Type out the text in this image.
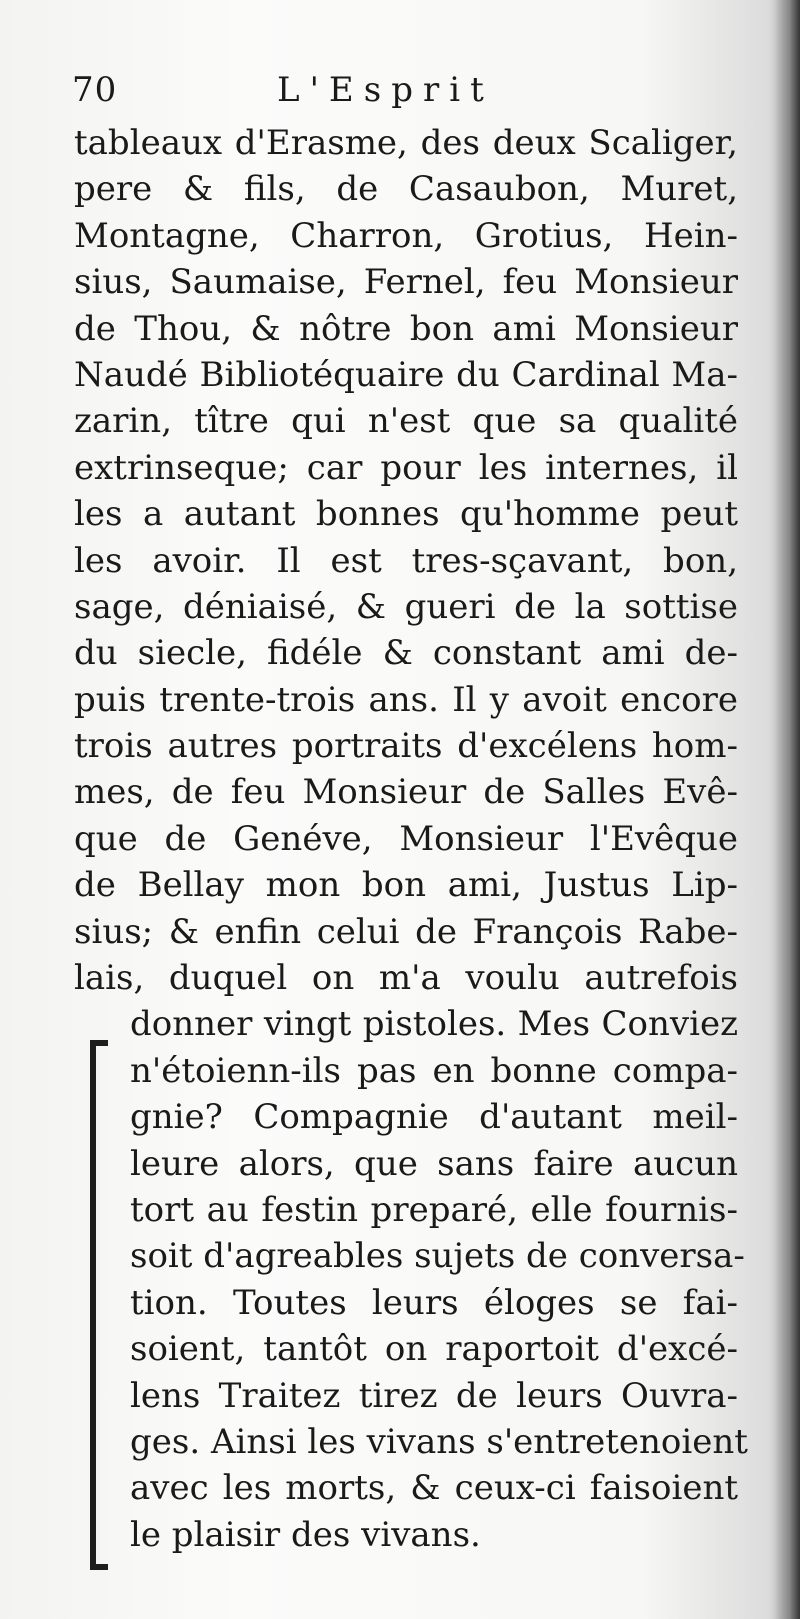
70	L'Esprit
tableaux d'Erasme, des deux Scaliger,
pere & fils, de Casaubon, Muret,
Montagne, Charron, Grotius, Hein-
sius, Saumaise, Fernel, feu Monsieur
de Thou, & nôtre bon ami Monsieur
Naudé Bibliotéquaire du Cardinal Ma-
zarin, tître qui n'est que sa qualité
extrinseque; car pour les internes, il
les a autant bonnes qu'homme peut
les avoir. Il est tres-sçavant, bon,
sage, déniaisé, & gueri de la sottise
du siecle, fidéle & constant ami de-
puis trente-trois ans. Il y avoit encore
trois autres portraits d'excélens hom-
mes, de feu Monsieur de Salles Evê-
que de Genéve, Monsieur l'Evêque
de Bellay mon bon ami, Justus Lip-
sius; & enfin celui de François Rabe-
lais, duquel on m'a voulu autrefois
donner vingt pistoles. Mes Conviez
n'étoienn-ils pas en bonne compa-
gnie? Compagnie d'autant meil-
leure alors, que sans faire aucun
tort au festin preparé, elle fournis-
soit d'agreables sujets de conversa-
tion. Toutes leurs éloges se fai-
soient, tantôt on raportoit d'excé-
lens Traitez tirez de leurs Ouvra-
ges. Ainsi les vivans s'entretenoient
avec les morts, & ceux-ci faisoient
le plaisir des vivans.
